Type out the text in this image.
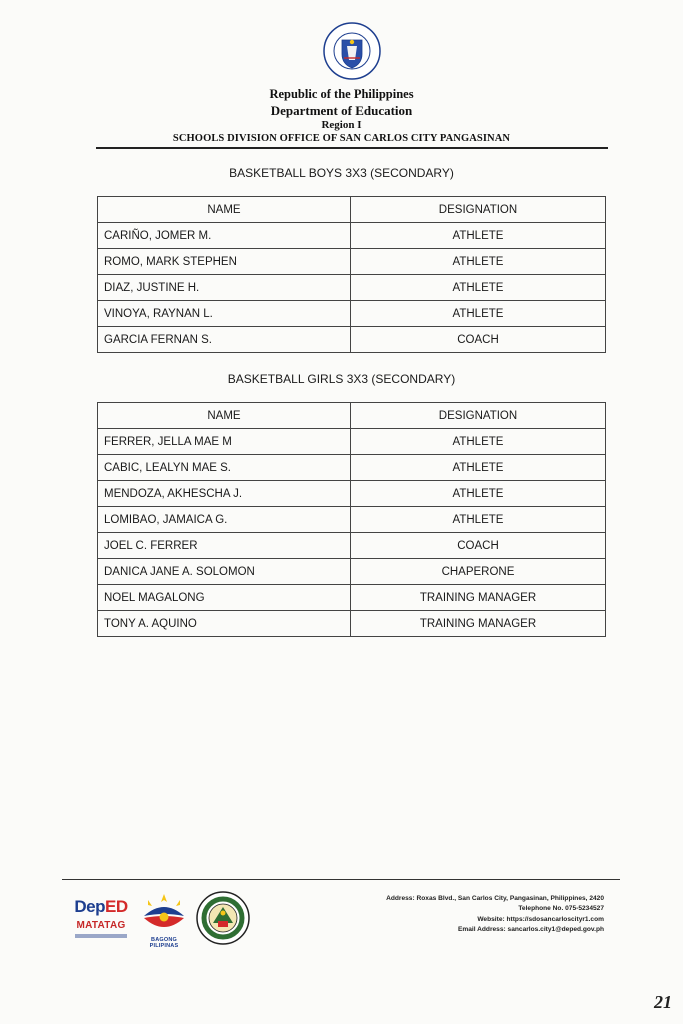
Republic of the Philippines
Department of Education
Region I
SCHOOLS DIVISION OFFICE OF SAN CARLOS CITY PANGASINAN
BASKETBALL BOYS 3X3 (SECONDARY)
NAME	DESIGNATION
CARIÑO, JOMER M.	ATHLETE
ROMO, MARK STEPHEN	ATHLETE
DIAZ, JUSTINE H.	ATHLETE
VINOYA, RAYNAN L.	ATHLETE
GARCIA FERNAN S.	COACH
BASKETBALL GIRLS 3X3 (SECONDARY)
NAME	DESIGNATION
FERRER, JELLA MAE M	ATHLETE
CABIC, LEALYN MAE S.	ATHLETE
MENDOZA, AKHESCHA J.	ATHLETE
LOMIBAO, JAMAICA G.	ATHLETE
JOEL C. FERRER	COACH
DANICA JANE A. SOLOMON	CHAPERONE
NOEL MAGALONG	TRAINING MANAGER
TONY A. AQUINO	TRAINING MANAGER
DepED
MATATAG
BAGONG PILIPINAS
Address: Roxas Blvd., San Carlos City, Pangasinan, Philippines, 2420
Telephone No. 075-5234527
Website: https://sdosancarloscityr1.com
Email Address: sancarlos.city1@deped.gov.ph
21
